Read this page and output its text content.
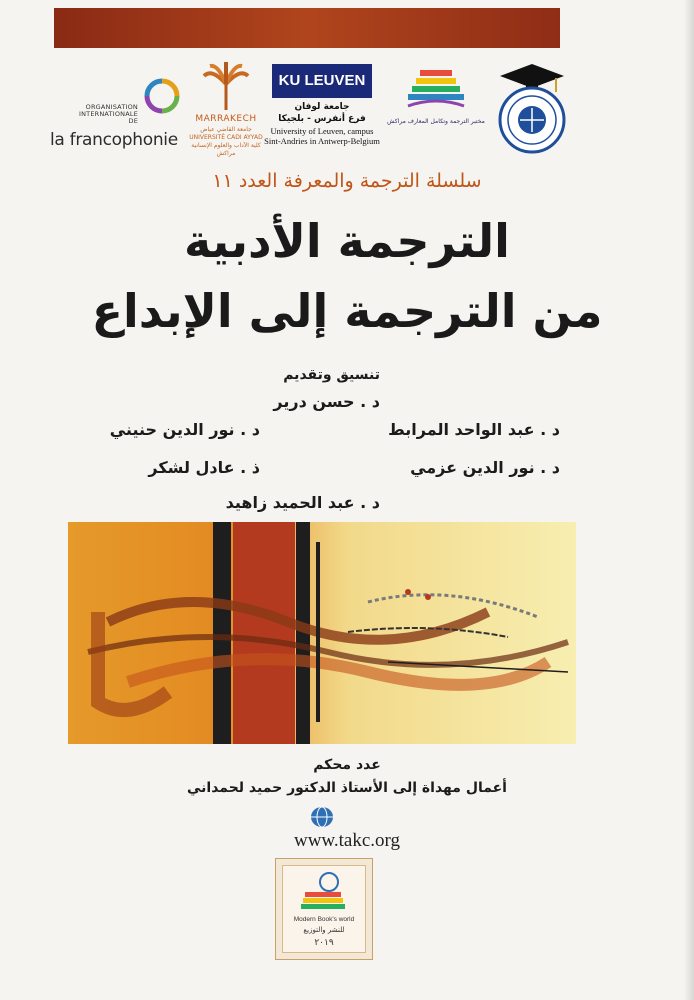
ORGANISATION INTERNATIONALE DE
la francophonie
MARRAKECH
جامعة القاضي عياض UNIVERSITÉ CADI AYYAD كلية الآداب والعلوم الإنسانية مراكش
KU LEUVEN
جامعة لوفان
فرع أنفرس - بلجيكا
University of Leuven, campus Sint-Andries in Antwerp-Belgium
مختبر الترجمة وتكامل المعارف مراكش
سلسلة الترجمة والمعرفة العدد ١١
الترجمة الأدبية
من الترجمة إلى الإبداع
تنسيق وتقديم
د . حسن درير
د . عبد الواحد المرابط
د . نور الدين حنيني
د . نور الدين عزمي
ذ . عادل لشكر
د . عبد الحميد زاهيد
عدد محكم
أعمال مهداة إلى الأستاذ الدكتور حميد لحمداني
www.takc.org
Modern Book's world
للنشر والتوزيع
٢٠١٩
